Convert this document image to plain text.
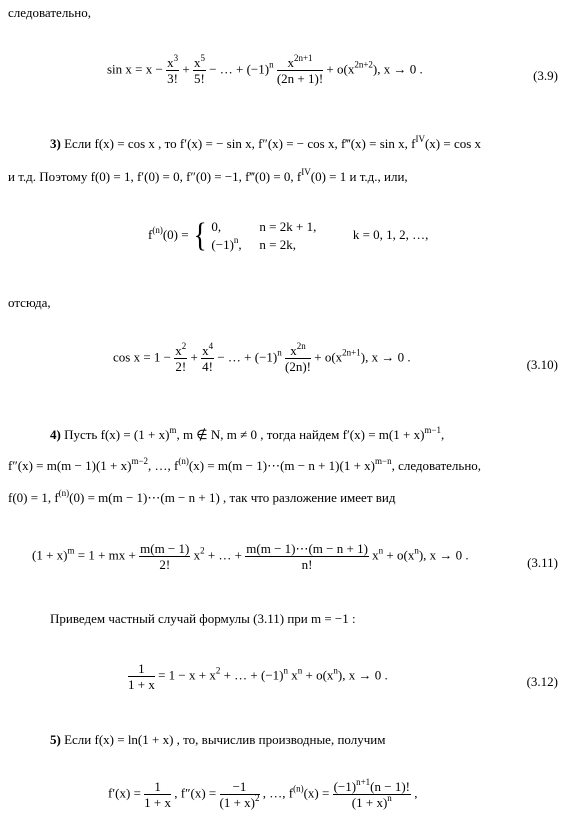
следовательно,
$\sin x = x - \frac{x^3}{3!} + \frac{x^5}{5!}$ − … + $(-1)^n \frac{x^{2n+1}}{(2n + 1)!} + o(x^{2n+2})$, x → 0 .	(3.9)
3) Если f(x) = cos x , то f′(x) = − sin x, f″(x) = − cos x, f‴(x) = sin x, $f^{IV}(x) = \cos x$
и т.д. Поэтому f(0) = 1, f′(0) = 0, f″(0) = −1, f‴(0) = 0, $f^{IV}(0) = 1$ и т.д., или,
$f^{(n)}(0)$ = { 0,	n = 2k + 1,
$(-1)^n$, n = 2k,
k = 0, 1, 2, …,
отсюда,
$\cos x = 1 - \frac{x^2}{2!} + \frac{x^4}{4!}$ − … + $(-1)^n \frac{x^{2n}}{(2n)!} + o(x^{2n+1})$, x → 0 .
(3.10)
4) Пусть $f(x) = (1 + x)^m$, m ∉ N, m ≠ 0 , тогда найдем $f'(x) = m(1 + x)^{m-1}$,
$f''(x) = m(m - 1)(1 + x)^{m-2}$, …, $f^{(n)}(x) = m(m$ − 1)⋯(m − $n + 1)(1 + x)^{m-n}$, следовательно,
f(0) = 1, $f^{(n)}(0) = m(m$ − 1)⋯(m − n + 1) , так что разложение имеет вид
$(1 + x)^m = 1$ + mx + $\frac{m(m - 1)}{2!} x^2$ + … + $\frac{m(m - 1)\cdots(m - n + 1)}{n!} x^n + o(x^n)$, x → 0 .
(3.11)
Приведем частный случай формулы (3.11) при m = −1 :
$\frac{1}{1 + x} = 1 - x + x^2$ + … + $(-1)^n$ $x^n + o(x^n)$, x → 0 .	(3.12)
5) Если f(x) = ln(1 + x) , то, вычислив производные, получим
$f'(x) = \frac{1}{1 + x}$ , $f''(x) = \frac{-1}{(1 + x)^2}$ , …, $f^{(n)}(x) = \frac{(-1)^{n+1}(n - 1)!}{(1 + x)^n}$ ,
